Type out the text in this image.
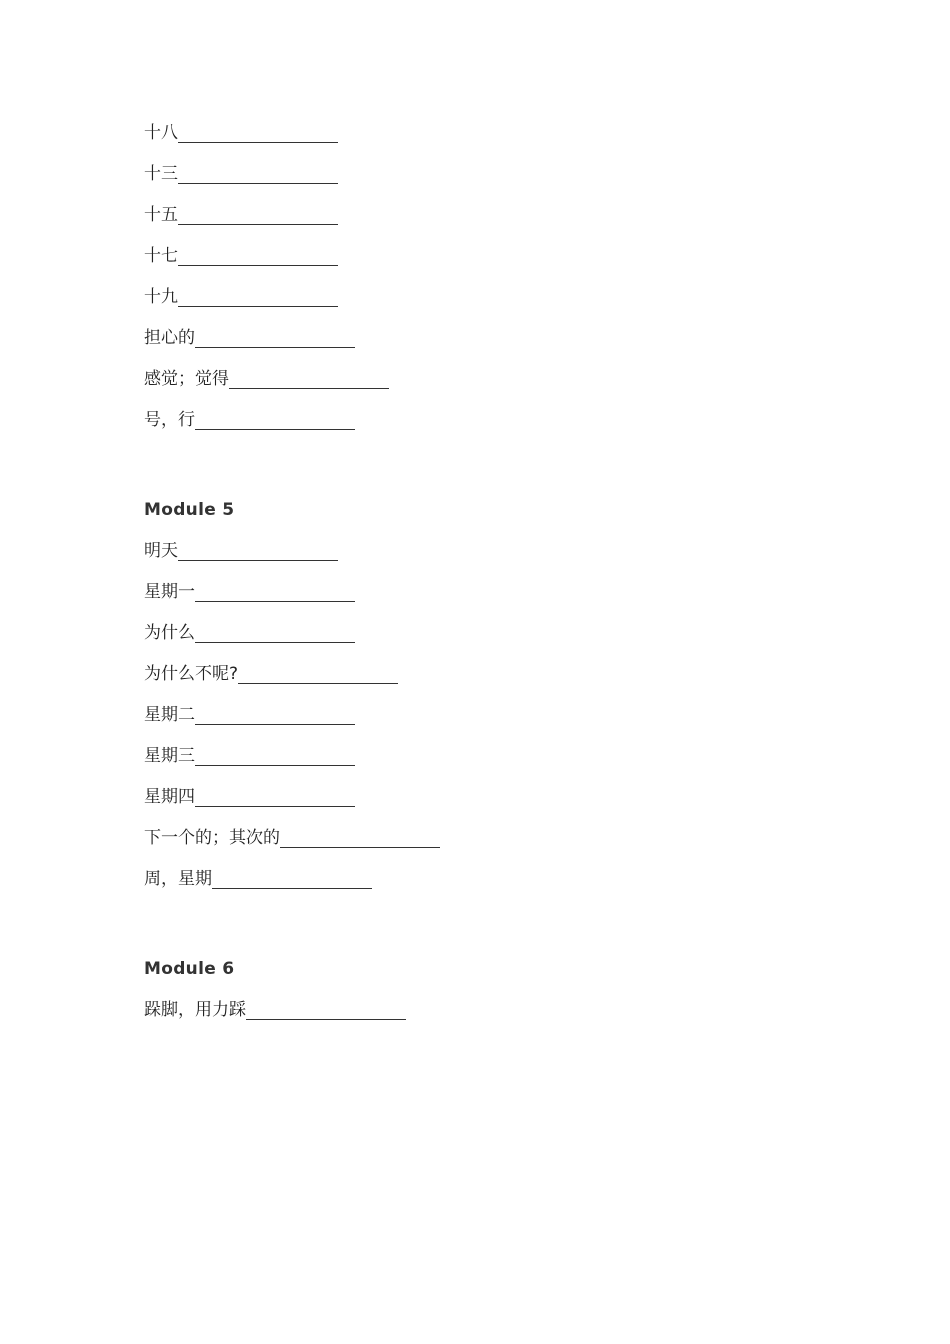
十八
十三
十五
十七
十九
担心的
感觉；觉得
号，行
Module 5
明天
星期一
为什么
为什么不呢?
星期二
星期三
星期四
下一个的；其次的
周，星期
Module 6
跺脚，用力踩
